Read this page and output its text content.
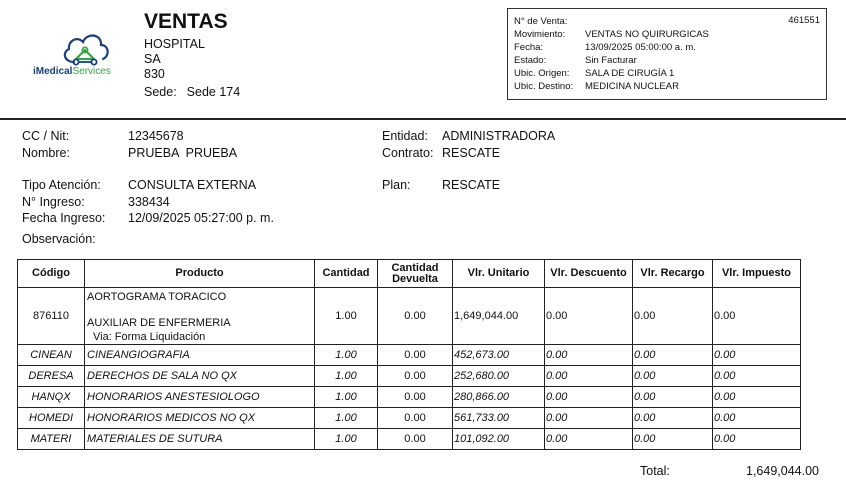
iMedicalServices
VENTAS
HOSPITAL
SA
830
Sede: Sede 174
461551
N° de Venta:
Movimiento: VENTAS NO QUIRURGICAS
Fecha:	13/09/2025 05:00:00 a. m.
Estado:	Sin Facturar
Ubic. Origen: SALA DE CIRUGÍA 1
Ubic. Destino: MEDICINA NUCLEAR
CC / Nit:	12345678
Nombre:	PRUEBA  PRUEBA
Tipo Atención: CONSULTA EXTERNA
N° Ingreso:	338434
Fecha Ingreso: 12/09/2025 05:27:00 p. m.
Observación:
Entidad: ADMINISTRADORA
Contrato: RESCATE
Plan:	RESCATE
Código	Producto	Cantidad	Cantidad
Devuelta	Vlr. Unitario	Vlr. Descuento	Vlr. Recargo	Vlr. Impuesto
876110	AORTOGRAMA TORACICO
AUXILIAR DE ENFERMERIA
Via: Forma Liquidación	1.00	0.00	1,649,044.00	0.00	0.00	0.00
CINEAN	CINEANGIOGRAFIA	1.00	0.00	452,673.00	0.00	0.00	0.00
DERESA	DERECHOS DE SALA NO QX	1.00	0.00	252,680.00	0.00	0.00	0.00
HANQX	HONORARIOS ANESTESIOLOGO	1.00	0.00	280,866.00	0.00	0.00	0.00
HOMEDI	HONORARIOS MEDICOS NO QX	1.00	0.00	561,733.00	0.00	0.00	0.00
MATERI	MATERIALES DE SUTURA	1.00	0.00	101,092.00	0.00	0.00	0.00
Total:	1,649,044.00
